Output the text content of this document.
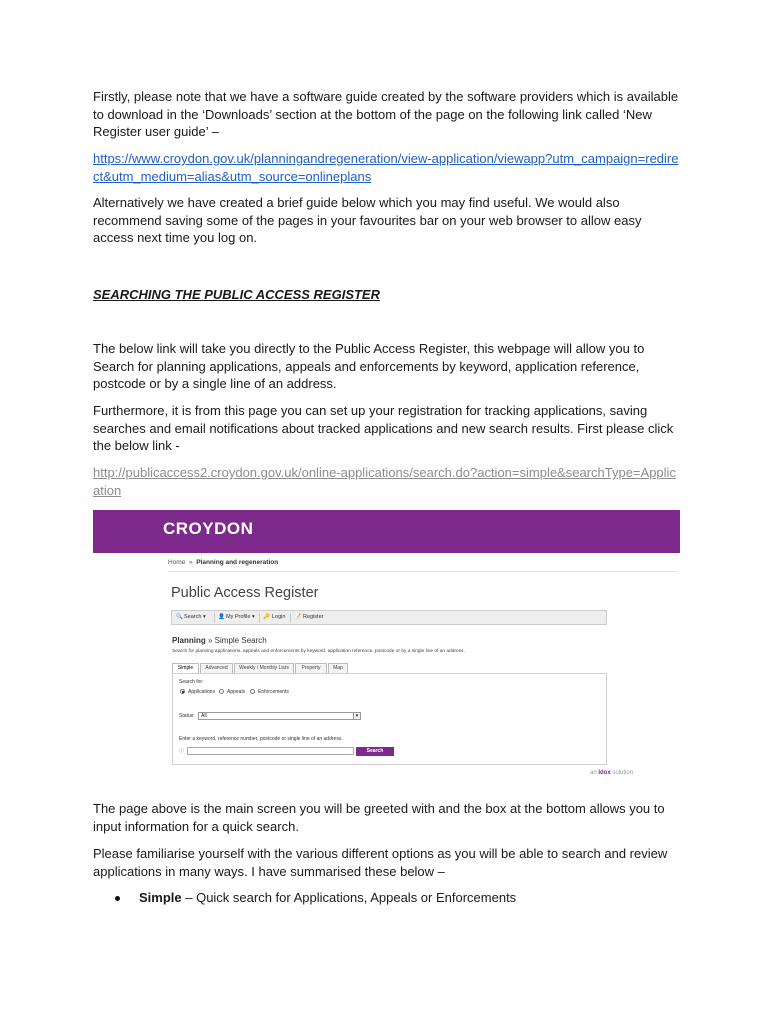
Firstly, please note that we have a software guide created by the software providers which is available to download in the ‘Downloads’ section at the bottom of the page on the following link called ‘New Register user guide’ –

https://www.croydon.gov.uk/planningandregeneration/view-application/viewapp?utm_campaign=redirect&utm_medium=alias&utm_source=onlineplans

Alternatively we have created a brief guide below which you may find useful. We would also recommend saving some of the pages in your favourites bar on your web browser to allow easy access next time you log on.

SEARCHING THE PUBLIC ACCESS REGISTER

The below link will take you directly to the Public Access Register, this webpage will allow you to Search for planning applications, appeals and enforcements by keyword, application reference, postcode or by a single line of an address.

Furthermore, it is from this page you can set up your registration for tracking applications, saving searches and email notifications about tracked applications and new search results. First please click the below link -

http://publicaccess2.croydon.gov.uk/online-applications/search.do?action=simple&searchType=Application

CROYDON
Home » Planning and regeneration
Public Access Register
🔍 Search ▾ 👤 My Profile ▾ 🔑 Login 📝 Register
Planning » Simple Search
Search for planning applications, appeals and enforcements by keyword, application reference, postcode or by a single line of an address.
Simple	Advanced	Weekly / Monthly Lists	Property	Map
Search for:
Applications Appeals	Enforcements
Status:	All	▾
Enter a keyword, reference number, postcode or single line of an address.
ⓘ	Search
an Idox solution

The page above is the main screen you will be greeted with and the box at the bottom allows you to input information for a quick search.

Please familiarise yourself with the various different options as you will be able to search and review applications in many ways. I have summarised these below –

Simple – Quick search for Applications, Appeals or Enforcements
